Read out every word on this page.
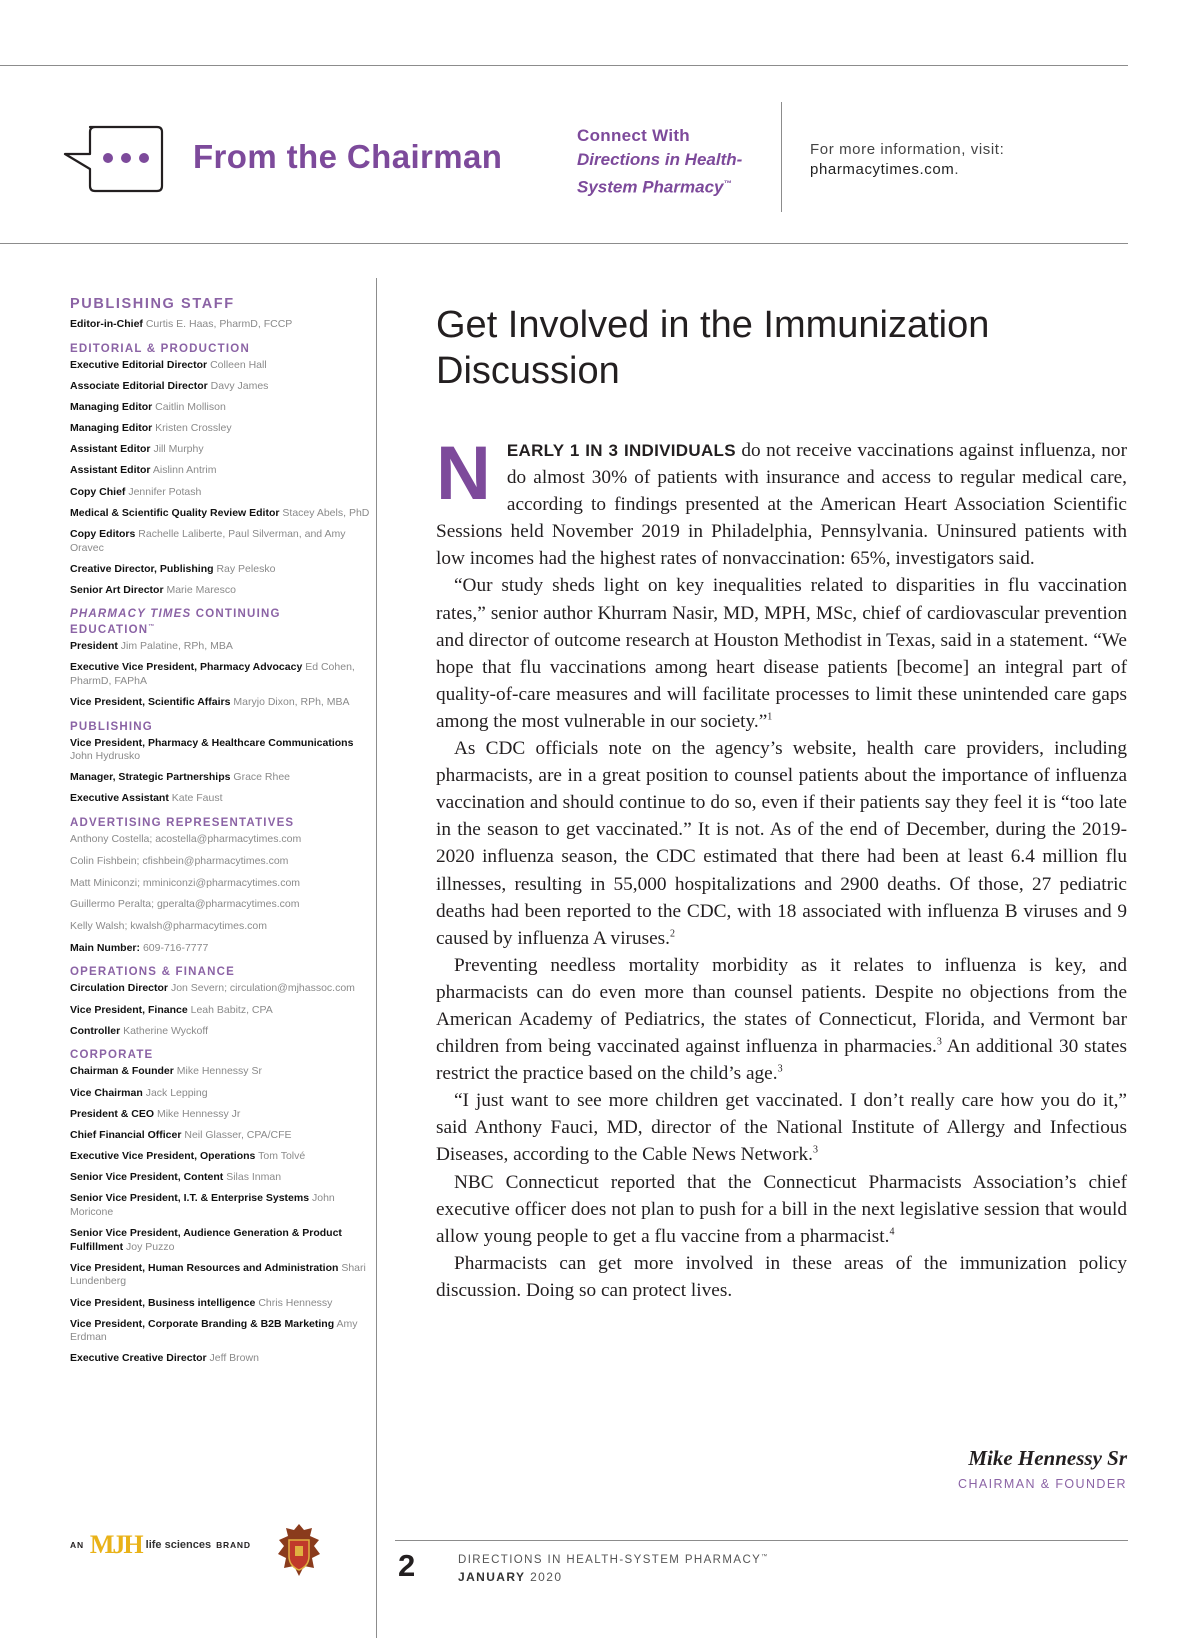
From the Chairman
Connect With
Directions in Health-System Pharmacy™
For more information, visit:
pharmacytimes.com.
PUBLISHING STAFF
Editor-in-Chief Curtis E. Haas, PharmD, FCCP
EDITORIAL & PRODUCTION
Executive Editorial Director Colleen Hall
Associate Editorial Director Davy James
Managing Editor Caitlin Mollison
Managing Editor Kristen Crossley
Assistant Editor Jill Murphy
Assistant Editor Aislinn Antrim
Copy Chief Jennifer Potash
Medical & Scientific Quality Review Editor Stacey Abels, PhD
Copy Editors Rachelle Laliberte, Paul Silverman, and Amy Oravec
Creative Director, Publishing Ray Pelesko
Senior Art Director Marie Maresco
PHARMACY TIMES CONTINUING EDUCATION™
President Jim Palatine, RPh, MBA
Executive Vice President, Pharmacy Advocacy Ed Cohen, PharmD, FAPhA
Vice President, Scientific Affairs Maryjo Dixon, RPh, MBA
PUBLISHING
Vice President, Pharmacy & Healthcare Communications John Hydrusko
Manager, Strategic Partnerships Grace Rhee
Executive Assistant Kate Faust
ADVERTISING REPRESENTATIVES
Anthony Costella; acostella@pharmacytimes.com
Colin Fishbein; cfishbein@pharmacytimes.com
Matt Miniconzi; mminiconzi@pharmacytimes.com
Guillermo Peralta; gperalta@pharmacytimes.com
Kelly Walsh; kwalsh@pharmacytimes.com
Main Number: 609-716-7777
OPERATIONS & FINANCE
Circulation Director Jon Severn; circulation@mjhassoc.com
Vice President, Finance Leah Babitz, CPA
Controller Katherine Wyckoff
CORPORATE
Chairman & Founder Mike Hennessy Sr
Vice Chairman Jack Lepping
President & CEO Mike Hennessy Jr
Chief Financial Officer Neil Glasser, CPA/CFE
Executive Vice President, Operations Tom Tolvé
Senior Vice President, Content Silas Inman
Senior Vice President, I.T. & Enterprise Systems John Moricone
Senior Vice President, Audience Generation & Product Fulfillment Joy Puzzo
Vice President, Human Resources and Administration Shari Lundenberg
Vice President, Business intelligence Chris Hennessy
Vice President, Corporate Branding & B2B Marketing Amy Erdman
Executive Creative Director Jeff Brown
AN MJH life sciences BRAND
Get Involved in the Immunization Discussion

NEARLY 1 IN 3 INDIVIDUALS do not receive vaccinations against influenza, nor do almost 30% of patients with insurance and access to regular medical care, according to findings presented at the American Heart Association Scientific Sessions held November 2019 in Philadelphia, Pennsylvania. Uninsured patients with low incomes had the highest rates of nonvaccination: 65%, investigators said.

“Our study sheds light on key inequalities related to disparities in flu vaccination rates,” senior author Khurram Nasir, MD, MPH, MSc, chief of cardiovascular prevention and director of outcome research at Houston Methodist in Texas, said in a statement. “We hope that flu vaccinations among heart disease patients [become] an integral part of quality-of-care measures and will facilitate processes to limit these unintended care gaps among the most vulnerable in our society.”$^1$

As CDC officials note on the agency’s website, health care providers, including pharmacists, are in a great position to counsel patients about the importance of influenza vaccination and should continue to do so, even if their patients say they feel it is “too late in the season to get vaccinated.” It is not. As of the end of December, during the 2019-2020 influenza season, the CDC estimated that there had been at least 6.4 million flu illnesses, resulting in 55,000 hospitalizations and 2900 deaths. Of those, 27 pediatric deaths had been reported to the CDC, with 18 associated with influenza B viruses and 9 caused by influenza A viruses.$^2$

Preventing needless mortality morbidity as it relates to influenza is key, and pharmacists can do even more than counsel patients. Despite no objections from the American Academy of Pediatrics, the states of Connecticut, Florida, and Vermont bar children from being vaccinated against influenza in pharmacies.$^3$ An additional 30 states restrict the practice based on the child’s age.$^3$

“I just want to see more children get vaccinated. I don’t really care how you do it,” said Anthony Fauci, MD, director of the National Institute of Allergy and Infectious Diseases, according to the Cable News Network.$^3$

NBC Connecticut reported that the Connecticut Pharmacists Association’s chief executive officer does not plan to push for a bill in the next legislative session that would allow young people to get a flu vaccine from a pharmacist.$^4$

Pharmacists can get more involved in these areas of the immunization policy discussion. Doing so can protect lives.

Mike Hennessy Sr
CHAIRMAN & FOUNDER
2	DIRECTIONS IN HEALTH-SYSTEM PHARMACY™
JANUARY 2020
